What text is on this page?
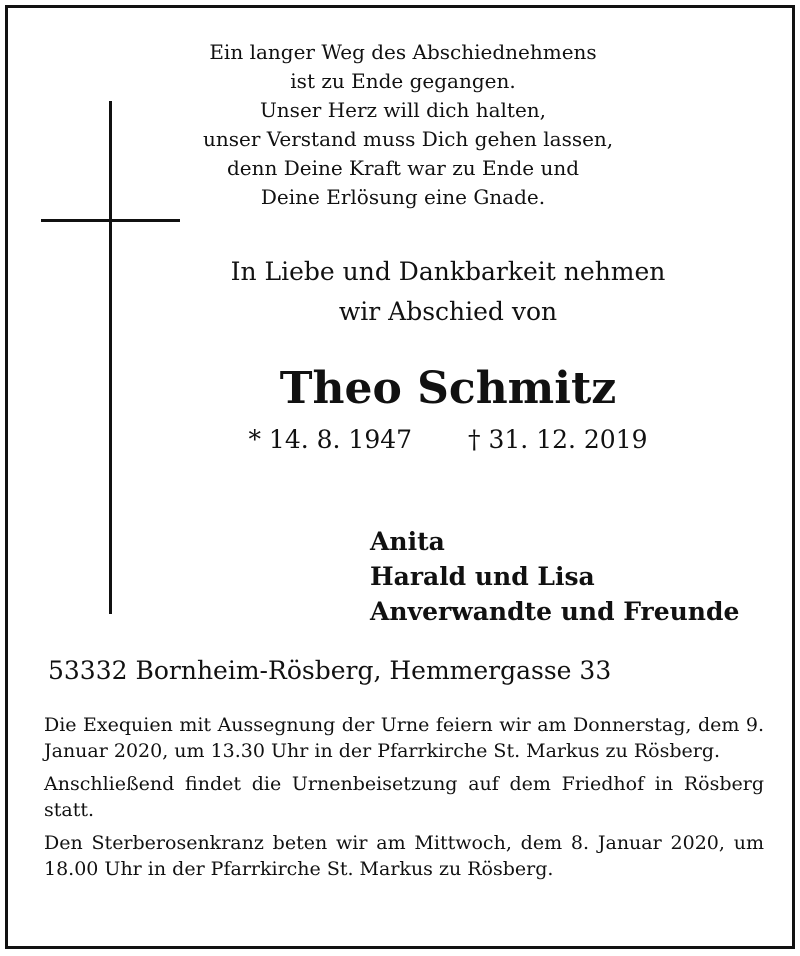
Ein langer Weg des Abschiednehmens
ist zu Ende gegangen.
Unser Herz will dich halten,
unser Verstand muss Dich gehen lassen,
denn Deine Kraft war zu Ende und
Deine Erlösung eine Gnade.
In Liebe und Dankbarkeit nehmen
wir Abschied von
Theo Schmitz
* 14. 8. 1947 † 31. 12. 2019
Anita
Harald und Lisa
Anverwandte und Freunde
53332 Bornheim-Rösberg, Hemmergasse 33

Die Exequien mit Aussegnung der Urne feiern wir am Donnerstag, dem 9. Januar 2020, um 13.30 Uhr in der Pfarrkirche St. Markus zu Rösberg.

Anschließend findet die Urnenbeisetzung auf dem Friedhof in Rösberg statt.

Den Sterberosenkranz beten wir am Mittwoch, dem 8. Januar 2020, um 18.00 Uhr in der Pfarrkirche St. Markus zu Rösberg.
